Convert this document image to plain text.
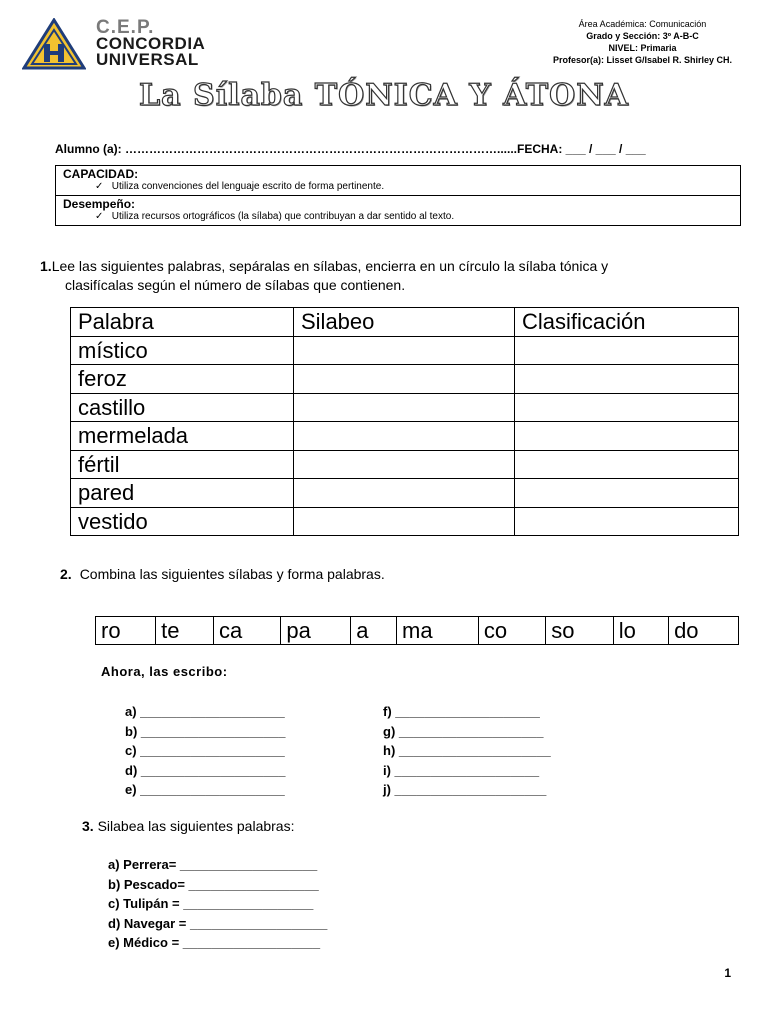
C.E.P.
CONCORDIA
UNIVERSAL
Área Académica: Comunicación
Grado y Sección: 3º A-B-C
NIVEL: Primaria
Profesor(a): Lisset G/Isabel R. Shirley CH.
La Sílaba TÓNICA Y ÁTONA
Alumno (a): …………………………………………………………………………………......FECHA: ___ / ___ / ___
CAPACIDAD:
✓   Utiliza convenciones del lenguaje escrito de forma pertinente.
Desempeño:
✓   Utiliza recursos ortográficos (la sílaba) que contribuyan a dar sentido al texto.
1.Lee las siguientes palabras, sepáralas en sílabas, encierra en un círculo la sílaba tónica y
clasifícalas según el número de sílabas que contienen.
Palabra	Silabeo	Clasificación
místico		
feroz		
castillo		
mermelada		
fértil		
pared		
vestido		
2. Combina las siguientes sílabas y forma palabras.
ro	te	ca	pa	a	ma	co	so	lo	do
Ahora, las escribo:
a) ____________________
b) ____________________
c) ____________________
d) ____________________
e) ____________________
f) ____________________
g) ____________________
h) _____________________
i) ____________________
j) _____________________
3. Silabea las siguientes palabras:
a) Perrera= ___________________
b) Pescado= __________________
c) Tulipán = __________________
d) Navegar = ___________________
e) Médico = ___________________
1
